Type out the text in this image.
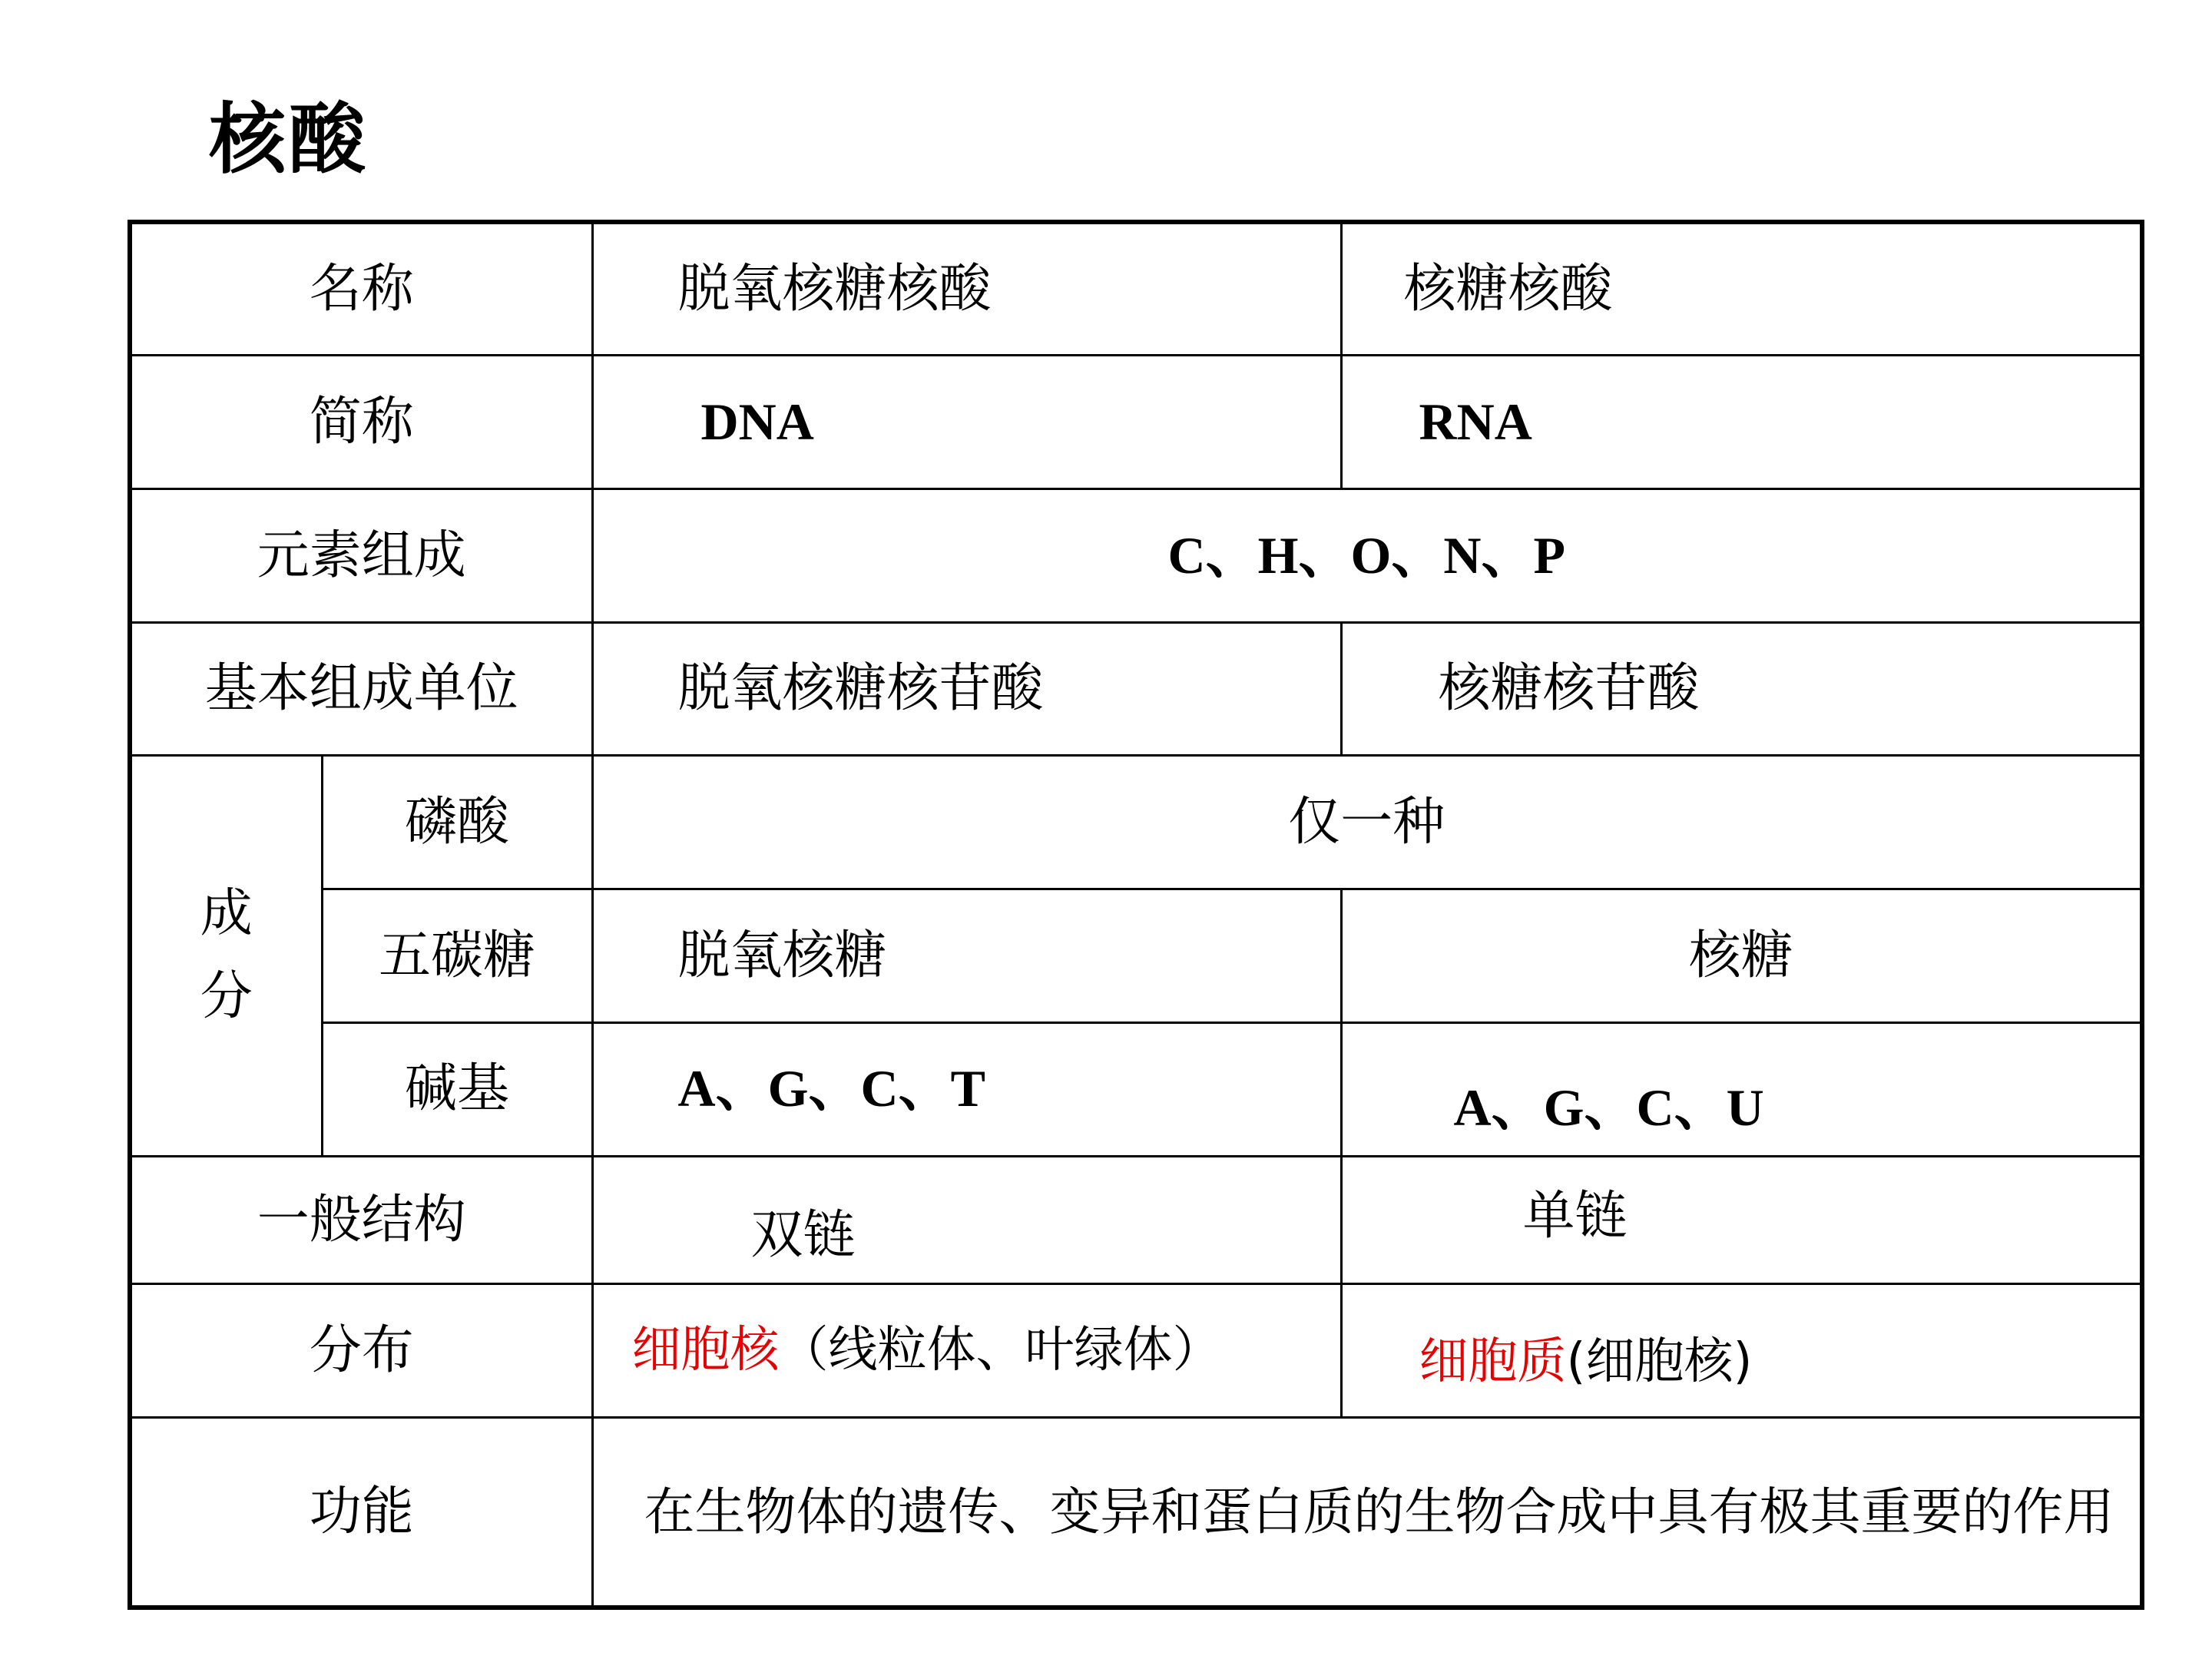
核酸
名称		脱氧核糖核酸	核糖核酸
简称		DNA	RNA
元素组成		C、H、O、N、P	
基本组成单位		脱氧核糖核苷酸	核糖核苷酸

成
分	磷酸	仅一种	
	五碳糖	脱氧核糖	核糖
	碱基	A、G、C、T	A、G、C、U
一般结构		双链	单链
分布		细胞核（线粒体、叶绿体）	细胞质(细胞核)
功能		在生物体的遗传、变异和蛋白质的生物合成中具有极其重要的作用	
